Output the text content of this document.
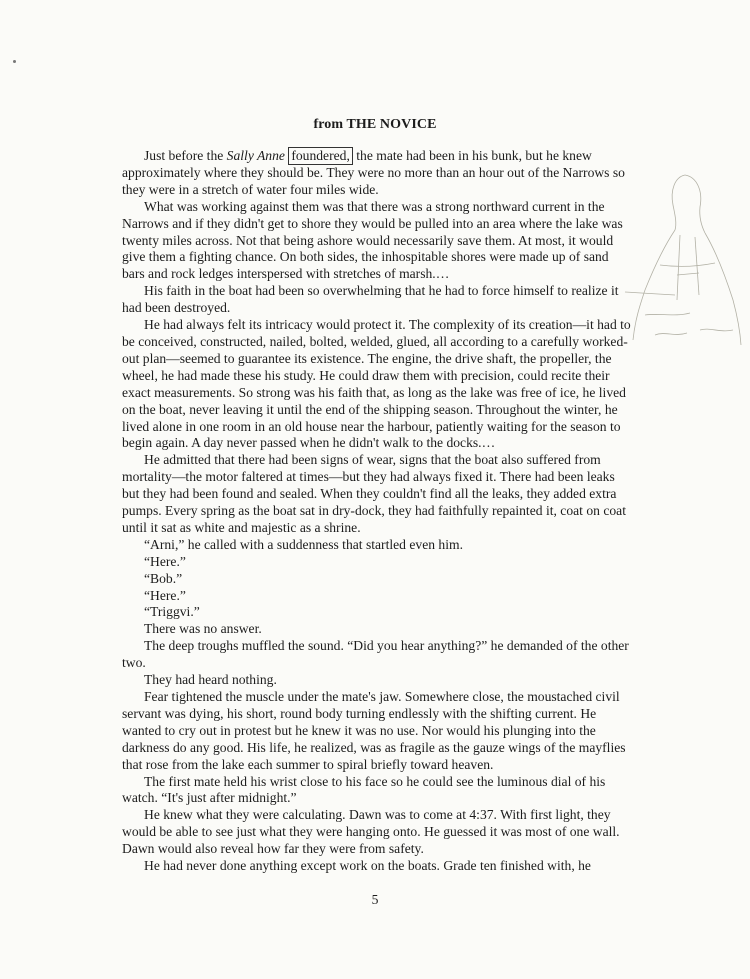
from THE NOVICE

Just before the Sally Anne foundered, the mate had been in his bunk, but he knew approximately where they should be. They were no more than an hour out of the Narrows so they were in a stretch of water four miles wide.

What was working against them was that there was a strong northward current in the Narrows and if they didn't get to shore they would be pulled into an area where the lake was twenty miles across. Not that being ashore would necessarily save them. At most, it would give them a fighting chance. On both sides, the inhospitable shores were made up of sand bars and rock ledges interspersed with stretches of marsh.…

His faith in the boat had been so overwhelming that he had to force himself to realize it had been destroyed.

He had always felt its intricacy would protect it. The complexity of its creation—it had to be conceived, constructed, nailed, bolted, welded, glued, all according to a carefully worked-out plan—seemed to guarantee its existence. The engine, the drive shaft, the propeller, the wheel, he had made these his study. He could draw them with precision, could recite their exact measurements. So strong was his faith that, as long as the lake was free of ice, he lived on the boat, never leaving it until the end of the shipping season. Throughout the winter, he lived alone in one room in an old house near the harbour, patiently waiting for the season to begin again. A day never passed when he didn't walk to the docks.…

He admitted that there had been signs of wear, signs that the boat also suffered from mortality—the motor faltered at times—but they had always fixed it. There had been leaks but they had been found and sealed. When they couldn't find all the leaks, they added extra pumps. Every spring as the boat sat in dry-dock, they had faithfully repainted it, coat on coat until it sat as white and majestic as a shrine.

“Arni,” he called with a suddenness that startled even him.

“Here.”

“Bob.”

“Here.”

“Triggvi.”

There was no answer.

The deep troughs muffled the sound. “Did you hear anything?” he demanded of the other two.

They had heard nothing.

Fear tightened the muscle under the mate's jaw. Somewhere close, the moustached civil servant was dying, his short, round body turning endlessly with the shifting current. He wanted to cry out in protest but he knew it was no use. Nor would his plunging into the darkness do any good. His life, he realized, was as fragile as the gauze wings of the mayflies that rose from the lake each summer to spiral briefly toward heaven.

The first mate held his wrist close to his face so he could see the luminous dial of his watch. “It's just after midnight.”

He knew what they were calculating. Dawn was to come at 4:37. With first light, they would be able to see just what they were hanging onto. He guessed it was most of one wall. Dawn would also reveal how far they were from safety.

He had never done anything except work on the boats. Grade ten finished with, he

5
